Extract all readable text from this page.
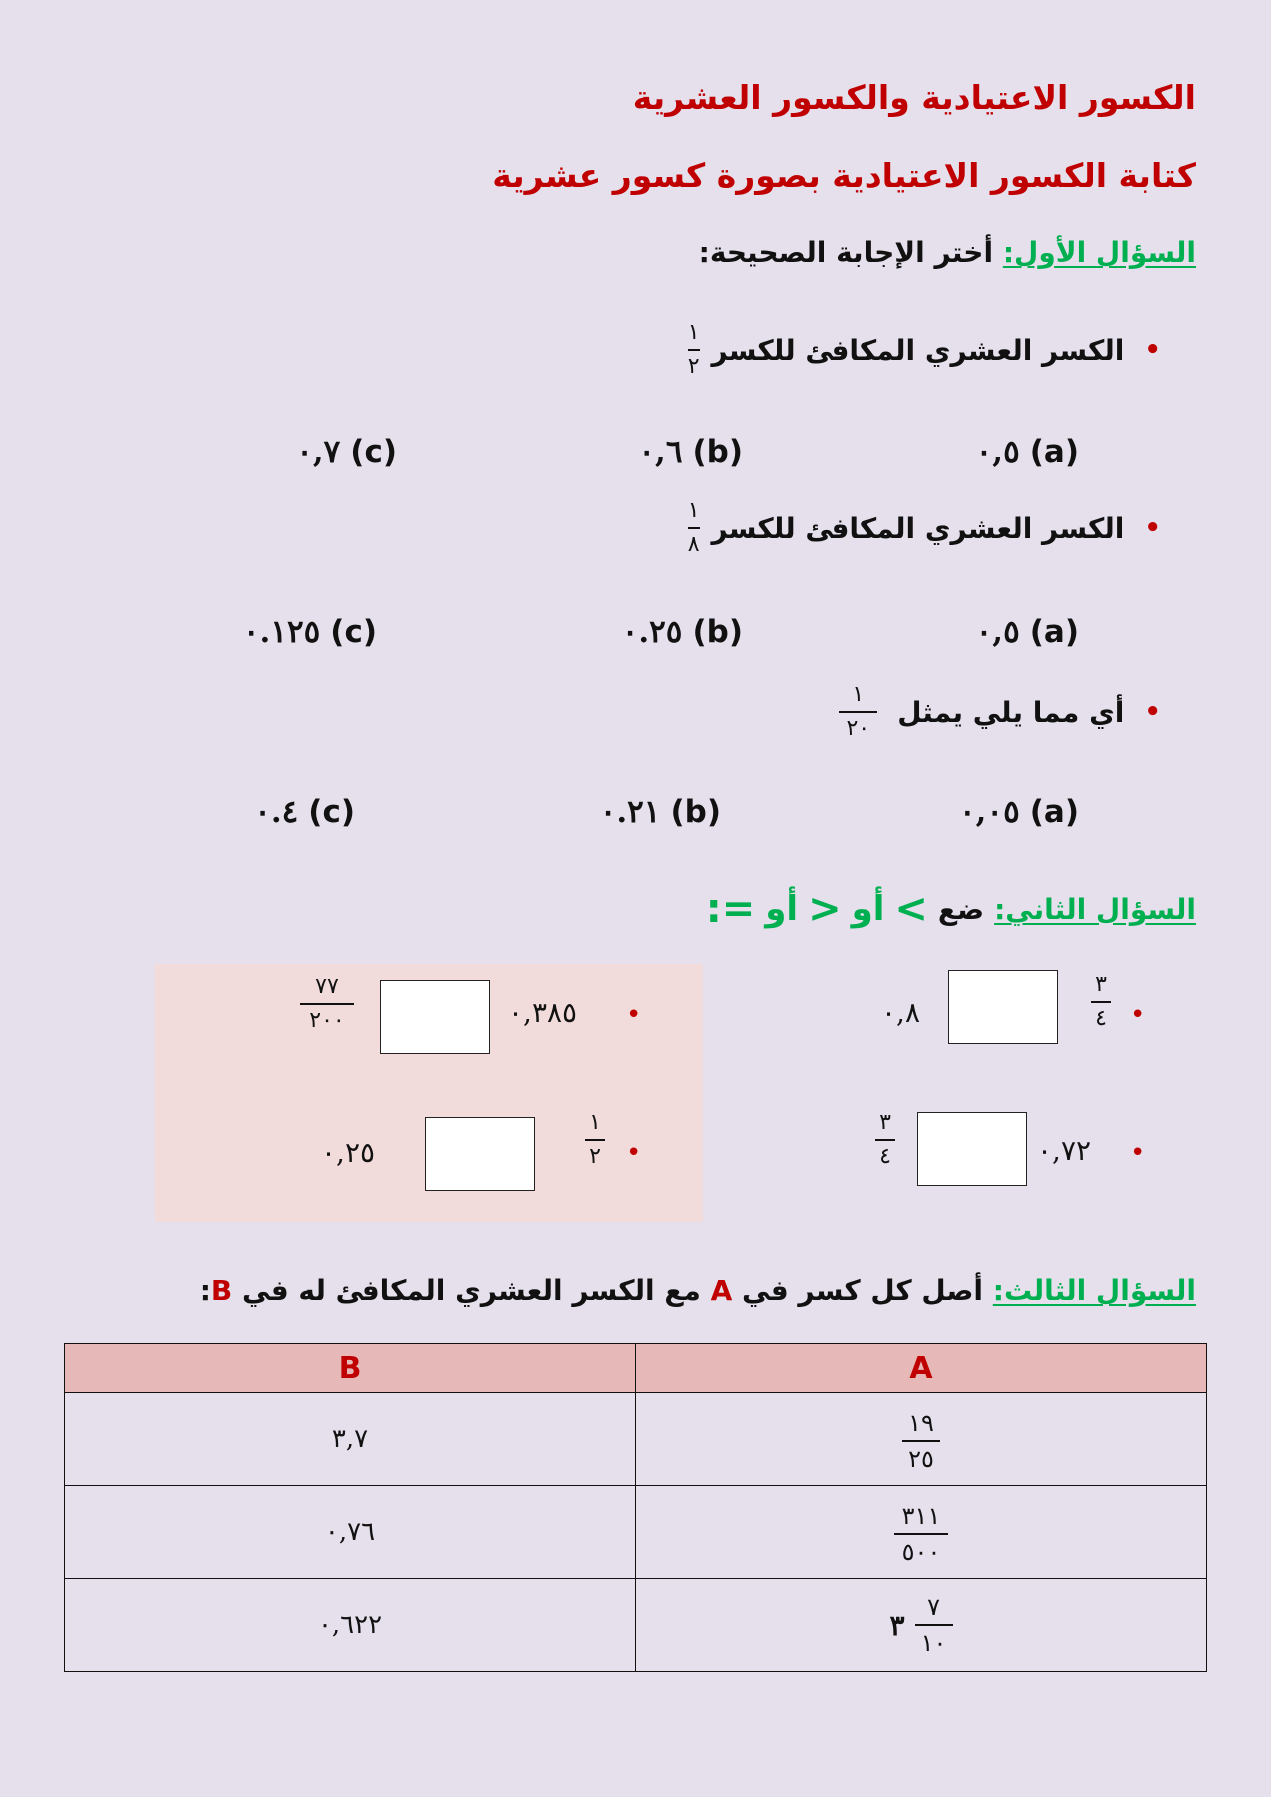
الكسور الاعتيادية والكسور العشرية
كتابة الكسور الاعتيادية بصورة كسور عشرية
السؤال الأول: أختر الإجابة الصحيحة:
•
الكسر العشري المكافئ للكسر
$\frac{١}{٢}$
٠,٥ (a)
٠,٦ (b)
٠,٧ (c)
•
الكسر العشري المكافئ للكسر
$\frac{١}{٨}$
٠,٥ (a)
٠.٢٥ (b)
٠.١٢٥ (c)
•
أي مما يلي يمثل
$\frac{١}{٢٠}$
٠,٠٥ (a)
٠.٢١ (b)
٠.٤ (c)
السؤال الثاني:
ضع
>
أو
<
أو
=:
•
٣
٤
٠,٨
•
٠,٧٢
٣
٤
•
٠,٣٨٥
٧٧
٢٠٠
•
١
٢
٠,٢٥
السؤال الثالث: أصل كل كسر في A مع الكسر العشري المكافئ له في B:
B	A
٣,٧	$\frac{١٩}{٢٥}$

٠,٧٦	$\frac{٣١١}{٥٠٠}$

٠,٦٢٢	٣ $\frac{٧}{١٠}$
